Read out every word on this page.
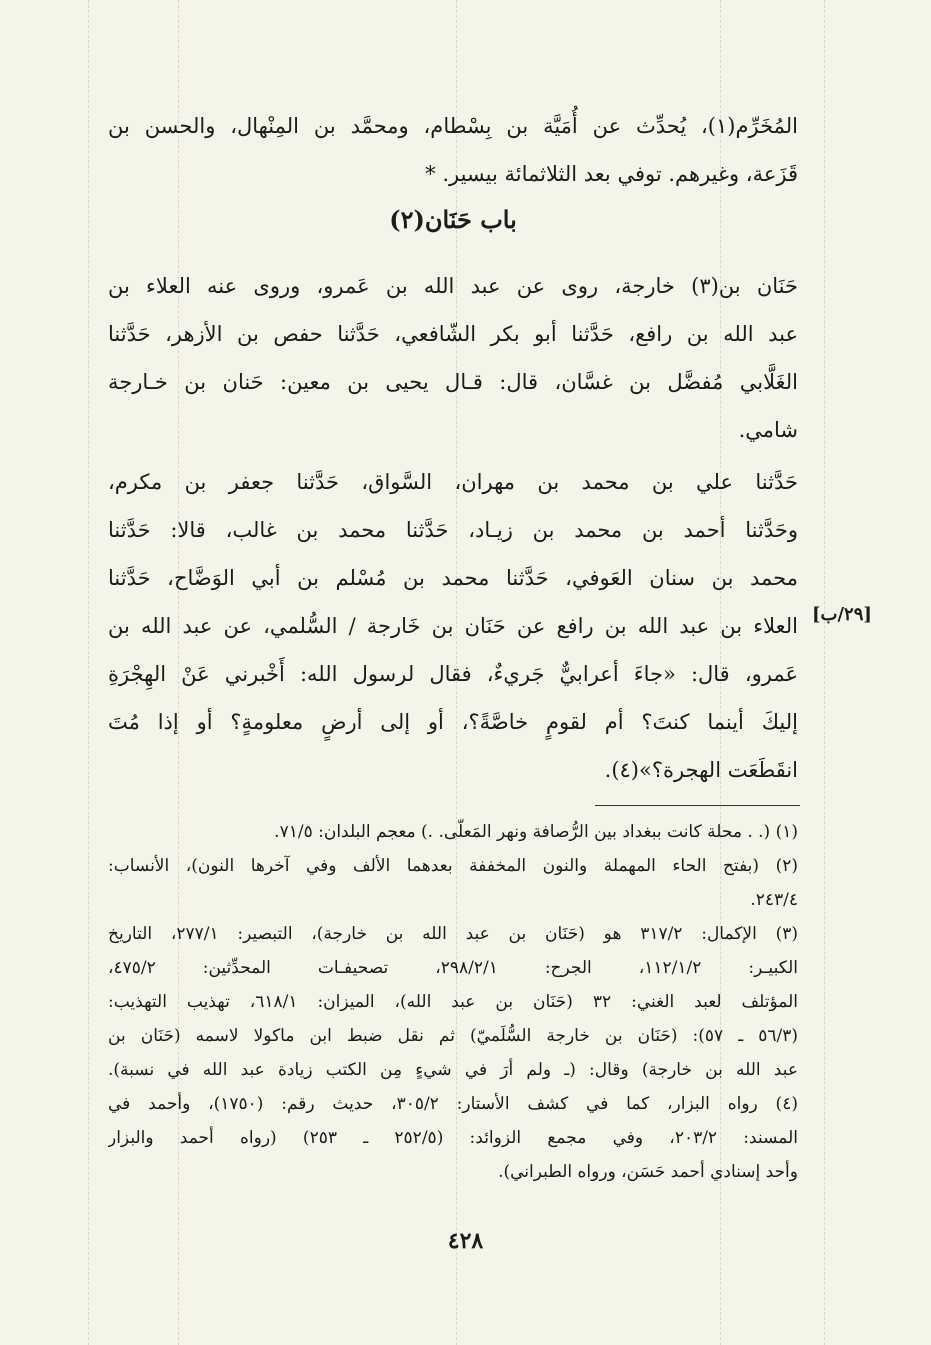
المُخَرِّم(١)، يُحدِّث عن أُمَيَّة بن بِسْطام، ومحمَّد بن المِنْهال، والحسن بن
قَزَعة، وغيرهم. توفي بعد الثلاثمائة بيسير. *
باب حَنَان(٢)
حَنَان بن(٣) خارجة، روى عن عبد الله بن عَمرو، وروى عنه العلاء بن
عبد الله بن رافع، حَدَّثنا أبو بكر الشّافعي، حَدَّثنا حفص بن الأزهر، حَدَّثنا
الغَلَّابي مُفضَّل بن غسَّان، قال: قـال يحيى بن معين: حَنان بن خـارجة
شامي.
حَدَّثنا علي بن محمد بن مهران، السَّواق، حَدَّثنا جعفر بن مكرم،
وحَدَّثنا أحمد بن محمد بن زيـاد، حَدَّثنا محمد بن غالب، قالا: حَدَّثنا
محمد بن سنان العَوفي، حَدَّثنا محمد بن مُسْلم بن أبي الوَضَّاح، حَدَّثنا
العلاء بن عبد الله بن رافع عن حَنَان بن خَارجة / السُّلمي، عن عبد الله بن
عَمرو، قال: «جاءَ أعرابيٌّ جَريءٌ، فقال لرسول الله: أَخْبرني عَنْ الهِجْرَةِ
إليكَ أينما كنتَ؟ أم لقومٍ خاصَّةً؟، أو إلى أرضٍ معلومةٍ؟ أو إذا مُتَ
انقَطَعَت الهجرة؟»(٤).
[٢٩/ب]
(١) (. . محلة كانت ببغداد بين الرُّصافة ونهر المَعلّى. .) معجم البلدان: ٧١/٥.
(٢) (بفتح الحاء المهملة والنون المخففة بعدهما الألف وفي آخرها النون)، الأنساب:
٢٤٣/٤.
(٣) الإكمال: ٣١٧/٢ هو (حَنَان بن عبد الله بن خارجة)، التبصير: ٢٧٧/١، التاريخ
الكبيـر: ١١٢/١/٢، الجرح: ٢٩٨/٢/١، تصحيفـات المحدِّثين: ٤٧٥/٢،
المؤتلف لعبد الغني: ٣٢ (حَنَان بن عبد الله)، الميزان: ٦١٨/١، تهذيب التهذيب:
(٥٦/٣ ـ ٥٧): (حَنَان بن خارجة السُّلَميّ) ثم نقل ضبط ابن ماكولا لاسمه (حَنَان بن
عبد الله بن خارجة) وقال: (ـ ولم أرَ في شيءٍ مِن الكتب زيادة عبد الله في نسبة).
(٤) رواه البزار، كما في كشف الأستار: ٣٠٥/٢، حديث رقم: (١٧٥٠)، وأحمد في
المسند: ٢٠٣/٢، وفي مجمع الزوائد: (٢٥٢/٥ ـ ٢٥٣) (رواه أحمد والبزار
وأحد إسنادي أحمد حَسَن، ورواه الطبراني).
٤٢٨
